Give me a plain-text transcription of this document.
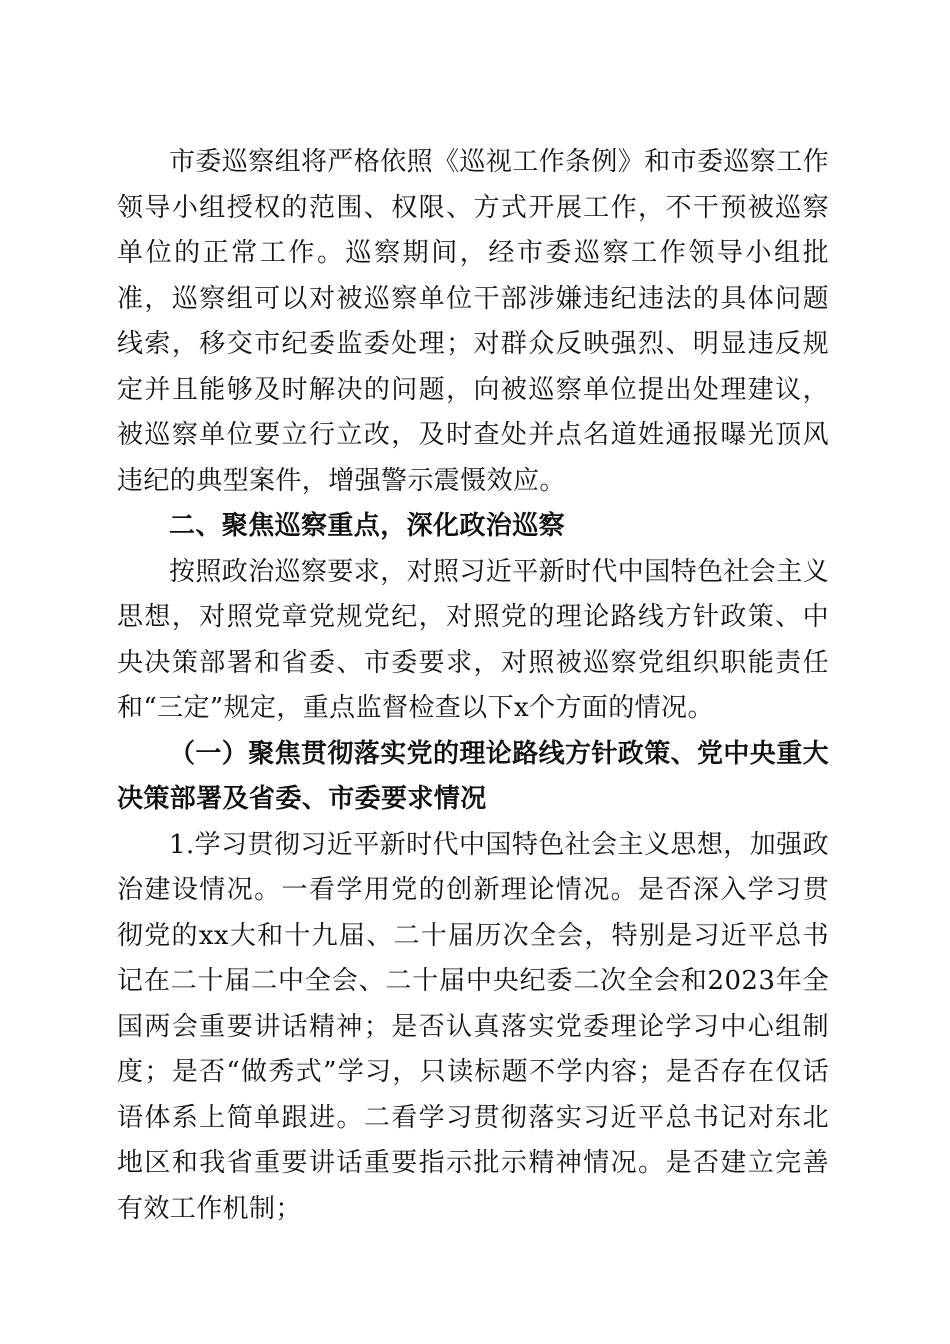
市委巡察组将严格依照《巡视工作条例》和市委巡察工作领导小组授权的范围、权限、方式开展工作，不干预被巡察单位的正常工作。巡察期间，经市委巡察工作领导小组批准，巡察组可以对被巡察单位干部涉嫌违纪违法的具体问题线索，移交市纪委监委处理；对群众反映强烈、明显违反规定并且能够及时解决的问题，向被巡察单位提出处理建议，被巡察单位要立行立改，及时查处并点名道姓通报曝光顶风违纪的典型案件，增强警示震慑效应。

二、聚焦巡察重点，深化政治巡察

按照政治巡察要求，对照习近平新时代中国特色社会主义思想，对照党章党规党纪，对照党的理论路线方针政策、中央决策部署和省委、市委要求，对照被巡察党组织职能责任和“三定”规定，重点监督检查以下x个方面的情况。

（一）聚焦贯彻落实党的理论路线方针政策、党中央重大决策部署及省委、市委要求情况

1.学习贯彻习近平新时代中国特色社会主义思想，加强政治建设情况。一看学用党的创新理论情况。是否深入学习贯彻党的xx大和十九届、二十届历次全会，特别是习近平总书记在二十届二中全会、二十届中央纪委二次全会和2023年全国两会重要讲话精神；是否认真落实党委理论学习中心组制度；是否“做秀式”学习，只读标题不学内容；是否存在仅话语体系上简单跟进。二看学习贯彻落实习近平总书记对东北地区和我省重要讲话重要指示批示精神情况。是否建立完善有效工作机制；
